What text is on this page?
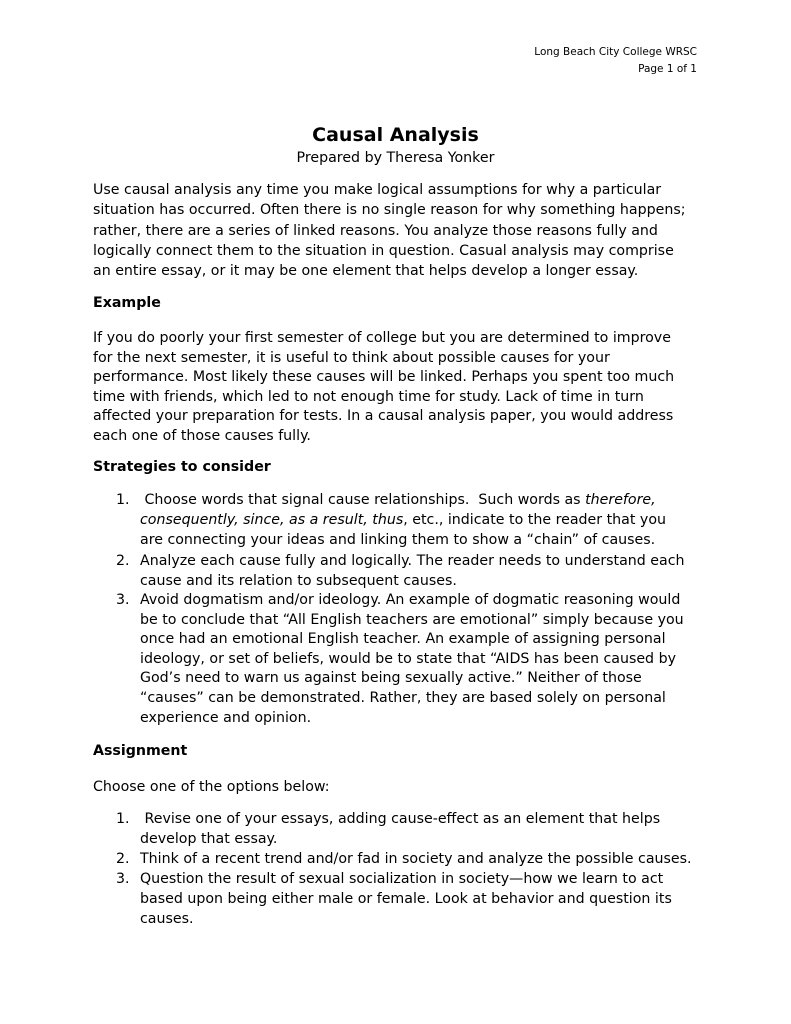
Long Beach City College WRSC
Page 1 of 1
Causal Analysis
Prepared by Theresa Yonker
Use causal analysis any time you make logical assumptions for why a particular
situation has occurred. Often there is no single reason for why something happens;
rather, there are a series of linked reasons. You analyze those reasons fully and
logically connect them to the situation in question. Casual analysis may comprise
an entire essay, or it may be one element that helps develop a longer essay.
Example
If you do poorly your first semester of college but you are determined to improve
for the next semester, it is useful to think about possible causes for your
performance. Most likely these causes will be linked. Perhaps you spent too much
time with friends, which led to not enough time for study. Lack of time in turn
affected your preparation for tests. In a causal analysis paper, you would address
each one of those causes fully.
Strategies to consider
1. Choose words that signal cause relationships.  Such words as therefore,
consequently, since, as a result, thus, etc., indicate to the reader that you
are connecting your ideas and linking them to show a “chain” of causes.
2. Analyze each cause fully and logically. The reader needs to understand each
cause and its relation to subsequent causes.
3. Avoid dogmatism and/or ideology. An example of dogmatic reasoning would
be to conclude that “All English teachers are emotional” simply because you
once had an emotional English teacher. An example of assigning personal
ideology, or set of beliefs, would be to state that “AIDS has been caused by
God’s need to warn us against being sexually active.” Neither of those
“causes” can be demonstrated. Rather, they are based solely on personal
experience and opinion.
Assignment
Choose one of the options below:
1. Revise one of your essays, adding cause-effect as an element that helps
develop that essay.
2. Think of a recent trend and/or fad in society and analyze the possible causes.
3. Question the result of sexual socialization in society—how we learn to act
based upon being either male or female. Look at behavior and question its
causes.
